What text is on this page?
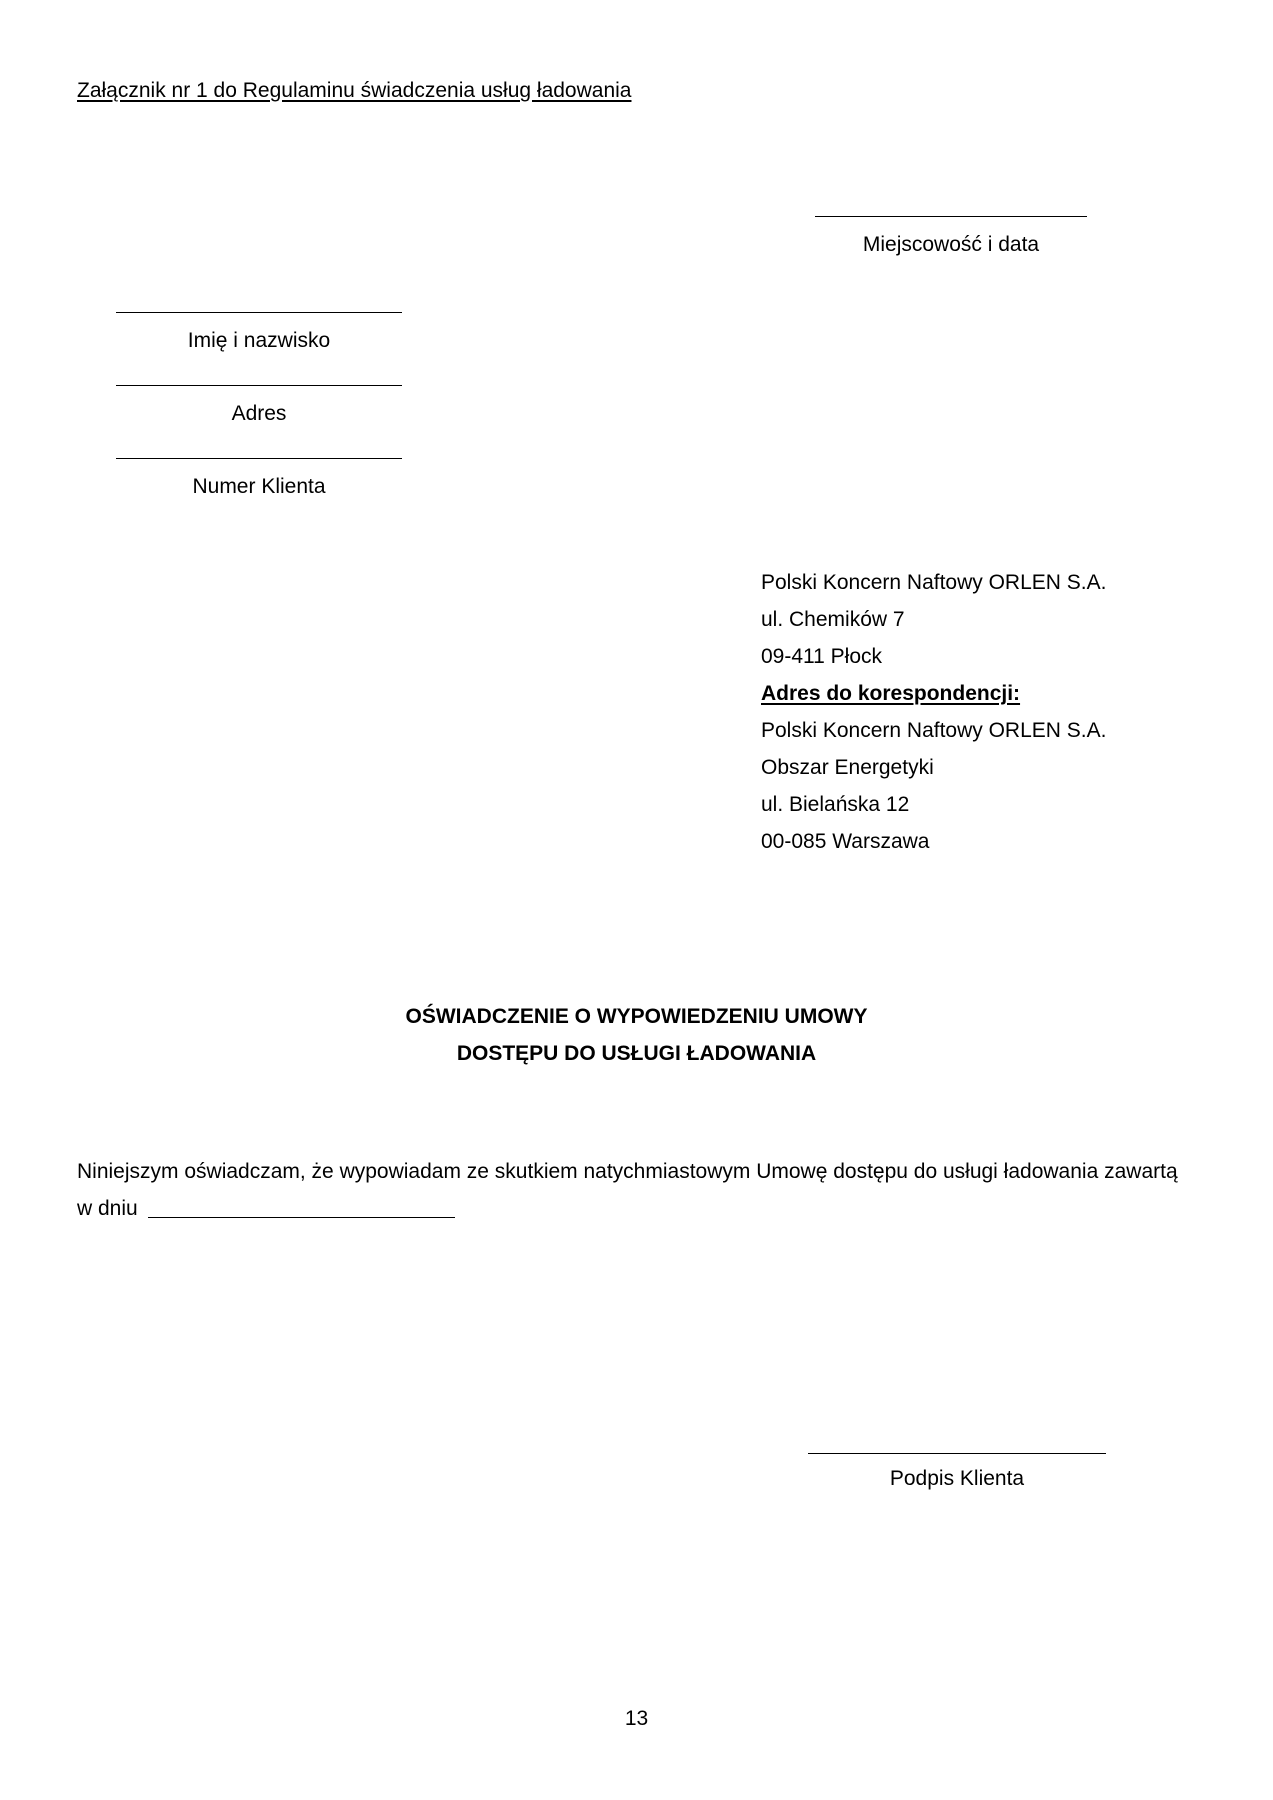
Załącznik nr 1 do Regulaminu świadczenia usług ładowania
Miejscowość i data
Imię i nazwisko
Adres
Numer Klienta
Polski Koncern Naftowy ORLEN S.A.
ul. Chemików 7
09-411 Płock
Adres do korespondencji:
Polski Koncern Naftowy ORLEN S.A.
Obszar Energetyki
ul. Bielańska 12
00-085 Warszawa
OŚWIADCZENIE O WYPOWIEDZENIU UMOWY
DOSTĘPU DO USŁUGI ŁADOWANIA
Niniejszym oświadczam, że wypowiadam ze skutkiem natychmiastowym Umowę dostępu do usługi ładowania zawartą
w dniu
Podpis Klienta
13
